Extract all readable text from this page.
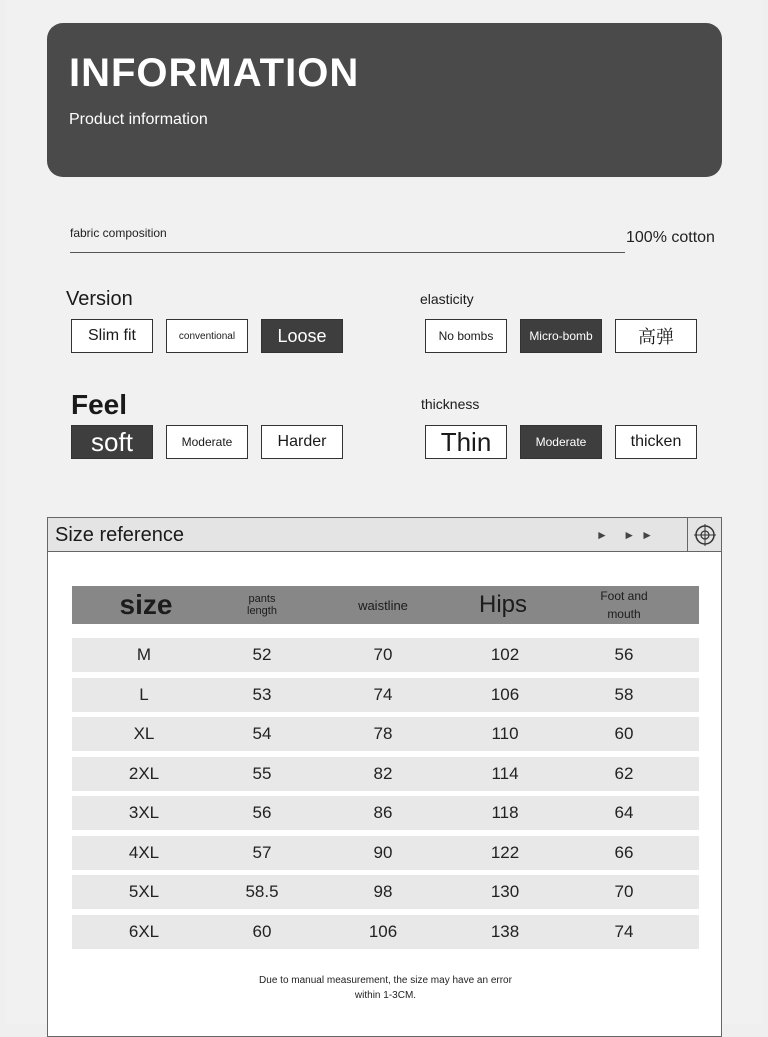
INFORMATION
Product information
fabric composition	100% cotton
Version
Slim fit	conventional	Loose
elasticity
No bombs	Micro-bomb	高弹
Feel
soft	Moderate	Harder
thickness
Thin	Moderate	thicken
Size reference	► ►►
size	pants length	waistline	Hips	Foot and mouth
M	52	70	102	56
L	53	74	106	58
XL	54	78	110	60
2XL	55	82	114	62
3XL	56	86	118	64
4XL	57	90	122	66
5XL	58.5	98	130	70
6XL	60	106	138	74
Due to manual measurement, the size may have an error within 1-3CM.
